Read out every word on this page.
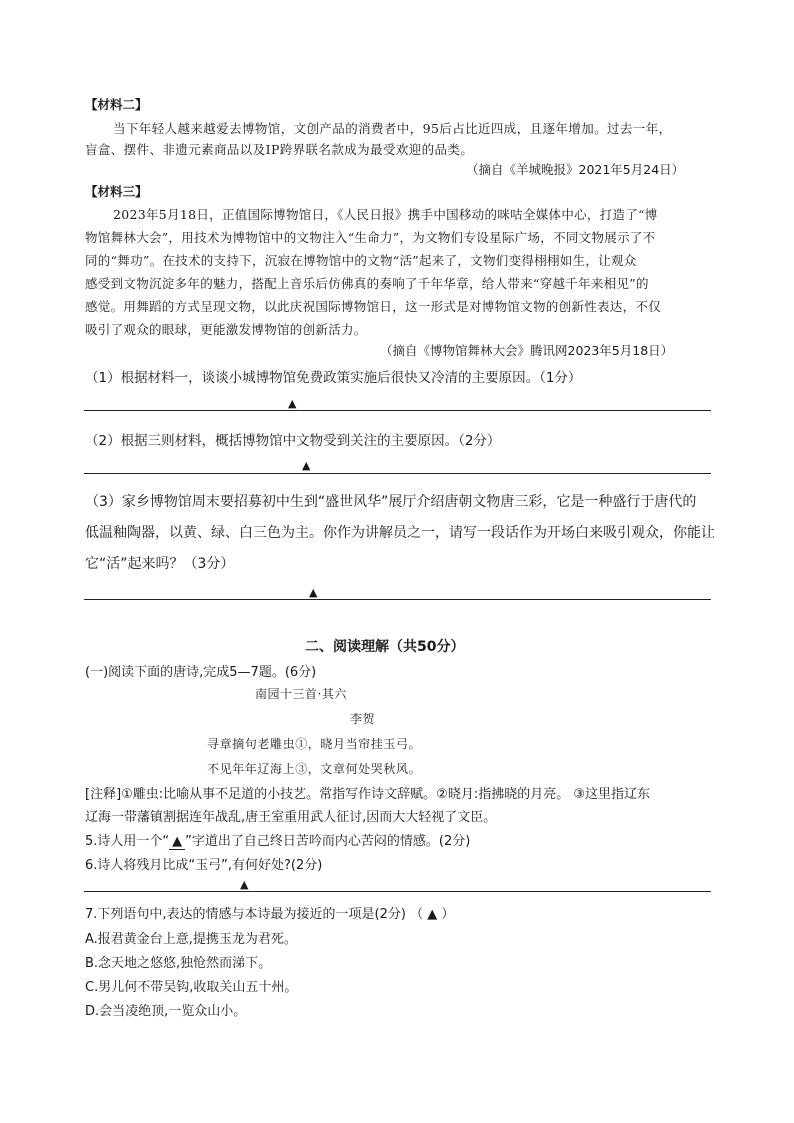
【材料二】
当下年轻人越来越爱去博物馆，文创产品的消费者中，95后占比近四成，且逐年增加。过去一年，
盲盒、摆件、非遗元素商品以及IP跨界联名款成为最受欢迎的品类。
（摘自《羊城晚报》2021年5月24日）
【材料三】
2023年5月18日，正值国际博物馆日，《人民日报》携手中国移动的咪咕全媒体中心，打造了“博
物馆舞林大会”，用技术为博物馆中的文物注入“生命力”，为文物们专设星际广场，不同文物展示了不
同的“舞功”。在技术的支持下，沉寂在博物馆中的文物“活”起来了，文物们变得栩栩如生，让观众
感受到文物沉淀多年的魅力，搭配上音乐后仿佛真的奏响了千年华章，给人带来“穿越千年来相见”的
感觉。用舞蹈的方式呈现文物，以此庆祝国际博物馆日，这一形式是对博物馆文物的创新性表达，不仅
吸引了观众的眼球，更能激发博物馆的创新活力。
（摘自《博物馆舞林大会》腾讯网2023年5月18日）
（1）根据材料一，谈谈小城博物馆免费政策实施后很快又冷清的主要原因。（1分）
▲
（2）根据三则材料，概括博物馆中文物受到关注的主要原因。（2分）
▲
（3）家乡博物馆周末要招募初中生到“盛世风华”展厅介绍唐朝文物唐三彩，它是一种盛行于唐代的
低温釉陶器，以黄、绿、白三色为主。你作为讲解员之一，请写一段话作为开场白来吸引观众，你能让
它“活”起来吗？（3分）
▲
二、阅读理解（共50分）
(一)阅读下面的唐诗,完成5—7题。(6分)
南园十三首·其六
李贺
寻章摘句老雕虫①，晓月当帘挂玉弓。
不见年年辽海上③，文章何处哭秋风。
[注释]①雕虫:比喻从事不足道的小技艺。常指写作诗文辞赋。②晓月:指拂晓的月亮。 ③这里指辽东
辽海一带藩镇割据连年战乱,唐王室重用武人征讨,因而大大轻视了文臣。
5.诗人用一个“ ▲ ”字道出了自己终日苦吟而内心苦闷的情感。(2分)
6.诗人将残月比成“玉弓”,有何好处?(2分)
▲
7.下列语句中,表达的情感与本诗最为接近的一项是(2分) （ ▲ ）
A.报君黄金台上意,提携玉龙为君死。
B.念天地之悠悠,独怆然而涕下。
C.男儿何不带吴钩,收取关山五十州。
D.会当凌绝顶,一览众山小。
